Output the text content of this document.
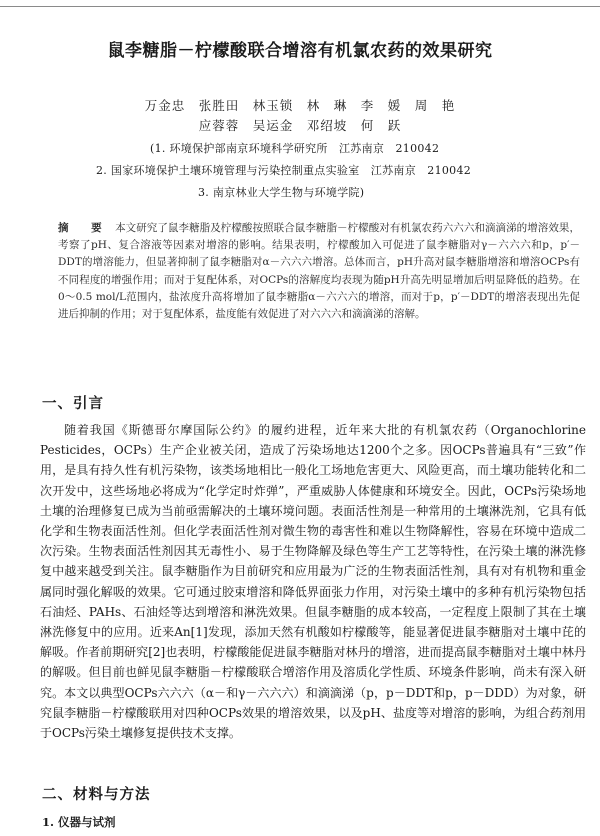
鼠李糖脂－柠檬酸联合增溶有机氯农药的效果研究
万金忠　张胜田　林玉锁　林　琳　李　媛　周　艳
应蓉蓉　吴运金　邓绍坡　何　跃
(1. 环境保护部南京环境科学研究所　江苏南京　210042
2. 国家环境保护土壤环境管理与污染控制重点实验室　江苏南京　210042
3. 南京林业大学生物与环境学院)
摘　要 本文研究了鼠李糖脂及柠檬酸按照联合鼠李糖脂－柠檬酸对有机氯农药六六六和滴滴涕的增溶效果，考察了pH、复合溶液等因素对增溶的影响。结果表明，柠檬酸加入可促进了鼠李糖脂对γ－六六六和p，p′－DDT的增溶能力，但显著抑制了鼠李糖脂对α－六六六增溶。总体而言，pH升高对鼠李糖脂增溶和增溶OCPs有不同程度的增强作用；而对于复配体系，对OCPs的溶解度均表现为随pH升高先明显增加后明显降低的趋势。在0～0.5 mol/L范围内，盐浓度升高将增加了鼠李糖脂α－六六六的增溶，而对于p，p′－DDT的增溶表现出先促进后抑制的作用；对于复配体系，盐度能有效促进了对六六六和滴滴涕的溶解。
一、引言
随着我国《斯德哥尔摩国际公约》的履约进程，近年来大批的有机氯农药（Organochlorine Pesticides，OCPs）生产企业被关闭，造成了污染场地达1200个之多。因OCPs普遍具有“三致”作用，是具有持久性有机污染物，该类场地相比一般化工场地危害更大、风险更高，而土壤功能转化和二次开发中，这些场地必将成为“化学定时炸弹”，严重威胁人体健康和环境安全。因此，OCPs污染场地土壤的治理修复已成为当前亟需解决的土壤环境问题。表面活性剂是一种常用的土壤淋洗剂，它具有低化学和生物表面活性剂。但化学表面活性剂对微生物的毒害性和难以生物降解性，容易在环境中造成二次污染。生物表面活性剂因其无毒性小、易于生物降解及绿色等生产工艺等特性，在污染土壤的淋洗修复中越来越受到关注。鼠李糖脂作为目前研究和应用最为广泛的生物表面活性剂，具有对有机物和重金属同时强化解吸的效果。它可通过胶束增溶和降低界面张力作用，对污染土壤中的多种有机污染物包括石油烃、PAHs、石油烃等达到增溶和淋洗效果。但鼠李糖脂的成本较高，一定程度上限制了其在土壤淋洗修复中的应用。近来An[1]发现，添加天然有机酸如柠檬酸等，能显著促进鼠李糖脂对土壤中芘的解吸。作者前期研究[2]也表明，柠檬酸能促进鼠李糖脂对林丹的增溶，进而提高鼠李糖脂对土壤中林丹的解吸。但目前也鲜见鼠李糖脂－柠檬酸联合增溶作用及溶质化学性质、环境条件影响，尚未有深入研究。本文以典型OCPs六六六（α－和γ－六六六）和滴滴涕（p，p－DDT和p，p－DDD）为对象，研究鼠李糖脂－柠檬酸联用对四种OCPs效果的增溶效果，以及pH、盐度等对增溶的影响，为组合药剂用于OCPs污染土壤修复提供技术支撑。
二、材料与方法
1. 仪器与试剂
